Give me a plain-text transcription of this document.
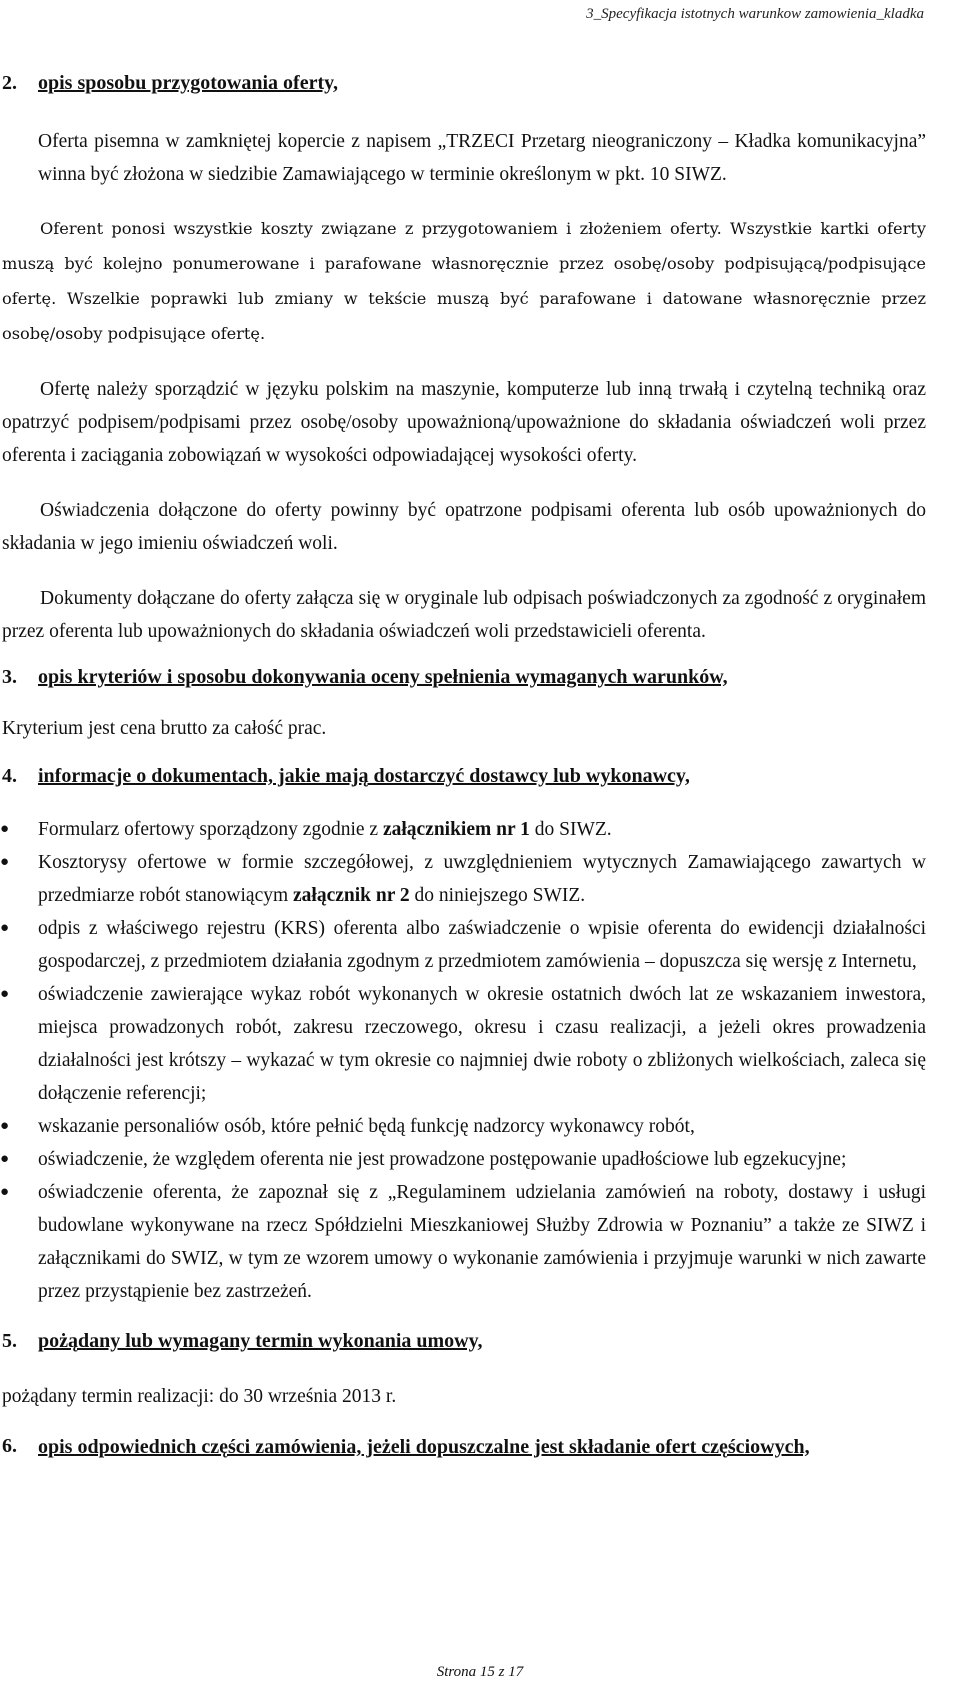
3_Specyfikacja istotnych warunkow zamowienia_kladka
2. opis sposobu przygotowania oferty,

Oferta pisemna w zamkniętej kopercie z napisem „TRZECI Przetarg nieograniczony – Kładka komunikacyjna” winna być złożona w siedzibie Zamawiającego w terminie określonym w pkt. 10 SIWZ.

Oferent ponosi wszystkie koszty związane z przygotowaniem i złożeniem oferty. Wszystkie kartki oferty muszą być kolejno ponumerowane i parafowane własnoręcznie przez osobę/osoby podpisującą/podpisujące ofertę. Wszelkie poprawki lub zmiany w tekście muszą być parafowane i datowane własnoręcznie przez osobę/osoby podpisujące ofertę.

Ofertę należy sporządzić w języku polskim na maszynie, komputerze lub inną trwałą i czytelną techniką oraz opatrzyć podpisem/podpisami przez osobę/osoby upoważnioną/upoważnione do składania oświadczeń woli przez oferenta i zaciągania zobowiązań w wysokości odpowiadającej wysokości oferty.

Oświadczenia dołączone do oferty powinny być opatrzone podpisami oferenta lub osób upoważnionych do składania w jego imieniu oświadczeń woli.

Dokumenty dołączane do oferty załącza się w oryginale lub odpisach poświadczonych za zgodność z oryginałem przez oferenta lub upoważnionych do składania oświadczeń woli przedstawicieli oferenta.

3. opis kryteriów i sposobu dokonywania oceny spełnienia wymaganych warunków,

Kryterium jest cena brutto za całość prac.

4. informacje o dokumentach, jakie mają dostarczyć dostawcy lub wykonawcy,
● Formularz ofertowy sporządzony zgodnie z załącznikiem nr 1 do SIWZ.
● Kosztorysy ofertowe w formie szczegółowej, z uwzględnieniem wytycznych Zamawiającego zawartych w przedmiarze robót stanowiącym załącznik nr 2 do niniejszego SWIZ.
● odpis z właściwego rejestru (KRS) oferenta albo zaświadczenie o wpisie oferenta do ewidencji działalności gospodarczej, z przedmiotem działania zgodnym z przedmiotem zamówienia – dopuszcza się wersję z Internetu,
● oświadczenie zawierające wykaz robót wykonanych w okresie ostatnich dwóch lat ze wskazaniem inwestora, miejsca prowadzonych robót, zakresu rzeczowego, okresu i czasu realizacji, a jeżeli okres prowadzenia działalności jest krótszy – wykazać w tym okresie co najmniej dwie roboty o zbliżonych wielkościach, zaleca się dołączenie referencji;
● wskazanie personaliów osób, które pełnić będą funkcję nadzorcy wykonawcy robót,
● oświadczenie, że względem oferenta nie jest prowadzone postępowanie upadłościowe lub egzekucyjne;
● oświadczenie oferenta, że zapoznał się z „Regulaminem udzielania zamówień na roboty, dostawy i usługi budowlane wykonywane na rzecz Spółdzielni Mieszkaniowej Służby Zdrowia w Poznaniu” a także ze SIWZ i załącznikami do SWIZ, w tym ze wzorem umowy o wykonanie zamówienia i przyjmuje warunki w nich zawarte przez przystąpienie bez zastrzeżeń.
5. pożądany lub wymagany termin wykonania umowy,

pożądany termin realizacji: do 30 września 2013 r.

6. opis odpowiednich części zamówienia, jeżeli dopuszczalne jest składanie ofert częściowych,
Strona 15 z 17
